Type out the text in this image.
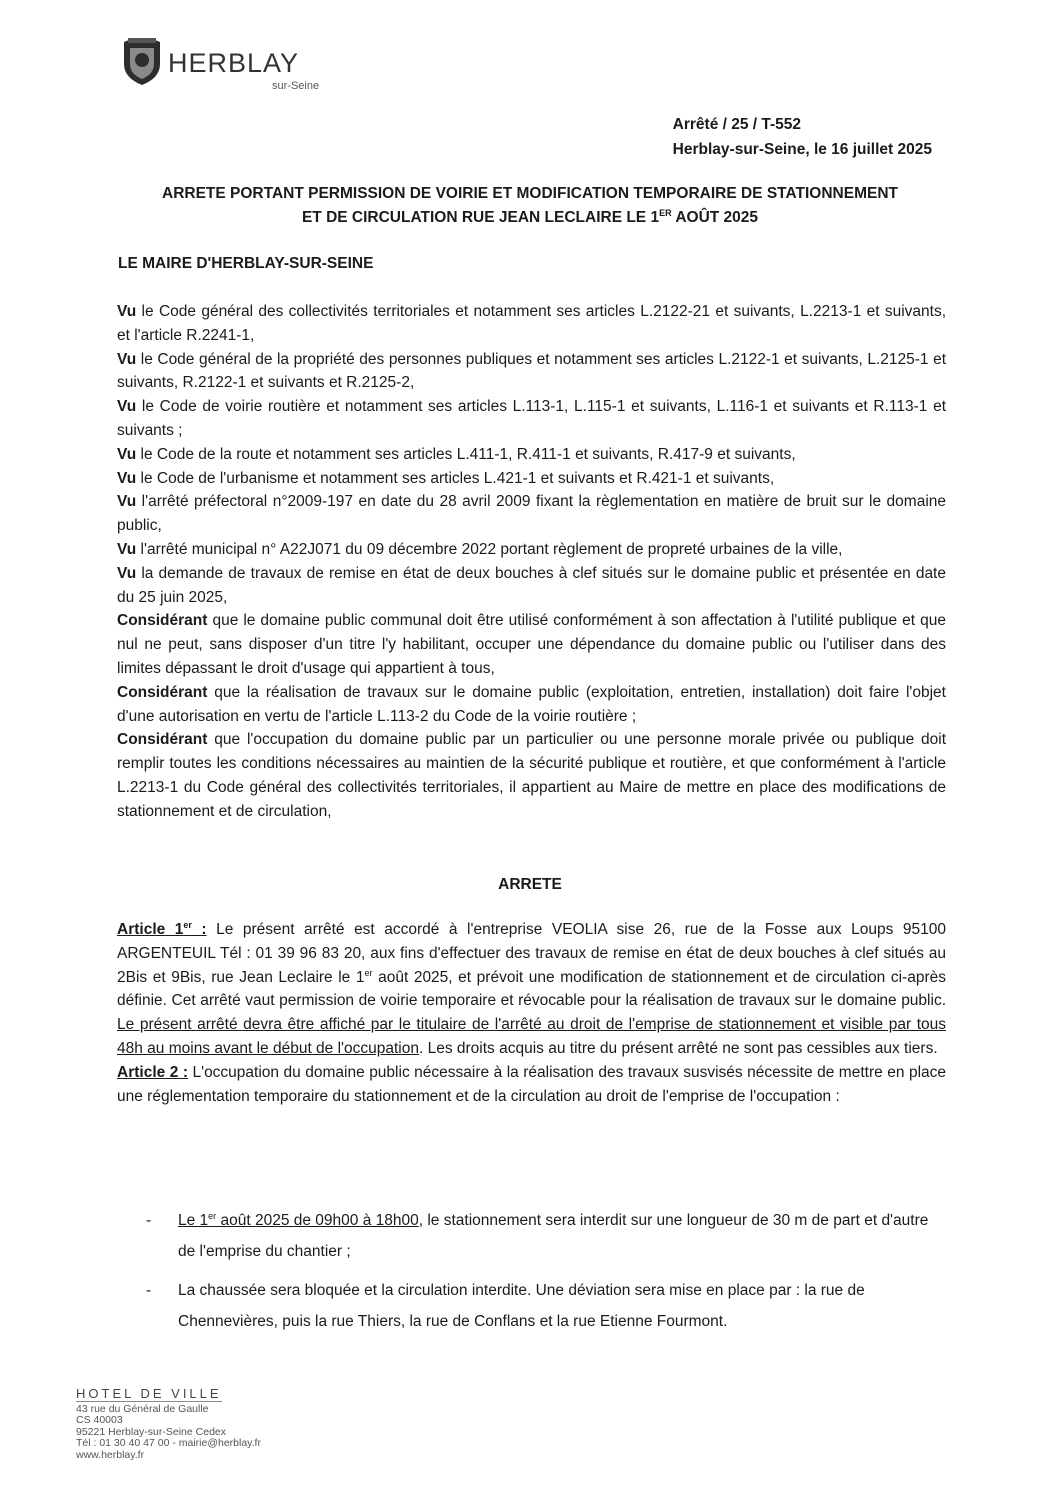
HERBLAY
sur-Seine
Arrêté / 25 / T-552
Herblay-sur-Seine, le 16 juillet 2025
ARRETE PORTANT PERMISSION DE VOIRIE ET MODIFICATION TEMPORAIRE DE STATIONNEMENT
ET DE CIRCULATION RUE JEAN LECLAIRE LE 1ER AOÛT 2025
LE MAIRE D'HERBLAY-SUR-SEINE

Vu le Code général des collectivités territoriales et notamment ses articles L.2122-21 et suivants, L.2213-1 et suivants, et l'article R.2241-1,

Vu le Code général de la propriété des personnes publiques et notamment ses articles L.2122-1 et suivants, L.2125-1 et suivants, R.2122-1 et suivants et R.2125-2,

Vu le Code de voirie routière et notamment ses articles L.113-1, L.115-1 et suivants, L.116-1 et suivants et R.113-1 et suivants ;

Vu le Code de la route et notamment ses articles L.411-1, R.411-1 et suivants, R.417-9 et suivants,

Vu le Code de l'urbanisme et notamment ses articles L.421-1 et suivants et R.421-1 et suivants,

Vu l'arrêté préfectoral n°2009-197 en date du 28 avril 2009 fixant la règlementation en matière de bruit sur le domaine public,

Vu l'arrêté municipal n° A22J071 du 09 décembre 2022 portant règlement de propreté urbaines de la ville,

Vu la demande de travaux de remise en état de deux bouches à clef situés sur le domaine public et présentée en date du 25 juin 2025,

Considérant que le domaine public communal doit être utilisé conformément à son affectation à l'utilité publique et que nul ne peut, sans disposer d'un titre l'y habilitant, occuper une dépendance du domaine public ou l'utiliser dans des limites dépassant le droit d'usage qui appartient à tous,

Considérant que la réalisation de travaux sur le domaine public (exploitation, entretien, installation) doit faire l'objet d'une autorisation en vertu de l'article L.113-2 du Code de la voirie routière ;

Considérant que l'occupation du domaine public par un particulier ou une personne morale privée ou publique doit remplir toutes les conditions nécessaires au maintien de la sécurité publique et routière, et que conformément à l'article L.2213-1 du Code général des collectivités territoriales, il appartient au Maire de mettre en place des modifications de stationnement et de circulation,

ARRETE

Article 1er : Le présent arrêté est accordé à l'entreprise VEOLIA sise 26, rue de la Fosse aux Loups 95100 ARGENTEUIL Tél : 01 39 96 83 20, aux fins d'effectuer des travaux de remise en état de deux bouches à clef situés au 2Bis et 9Bis, rue Jean Leclaire le 1er août 2025, et prévoit une modification de stationnement et de circulation ci-après définie. Cet arrêté vaut permission de voirie temporaire et révocable pour la réalisation de travaux sur le domaine public. Le présent arrêté devra être affiché par le titulaire de l'arrêté au droit de l'emprise de stationnement et visible par tous 48h au moins avant le début de l'occupation. Les droits acquis au titre du présent arrêté ne sont pas cessibles aux tiers.

Article 2 : L'occupation du domaine public nécessaire à la réalisation des travaux susvisés nécessite de mettre en place une réglementation temporaire du stationnement et de la circulation au droit de l'emprise de l'occupation :

- Le 1er août 2025 de 09h00 à 18h00, le stationnement sera interdit sur une longueur de 30 m de part et d'autre de l'emprise du chantier ;
- La chaussée sera bloquée et la circulation interdite. Une déviation sera mise en place par : la rue de Chennevières, puis la rue Thiers, la rue de Conflans et la rue Etienne Fourmont.
HOTEL DE VILLE
43 rue du Général de Gaulle
CS 40003
95221 Herblay-sur-Seine Cedex
Tél : 01 30 40 47 00 - mairie@herblay.fr
www.herblay.fr
